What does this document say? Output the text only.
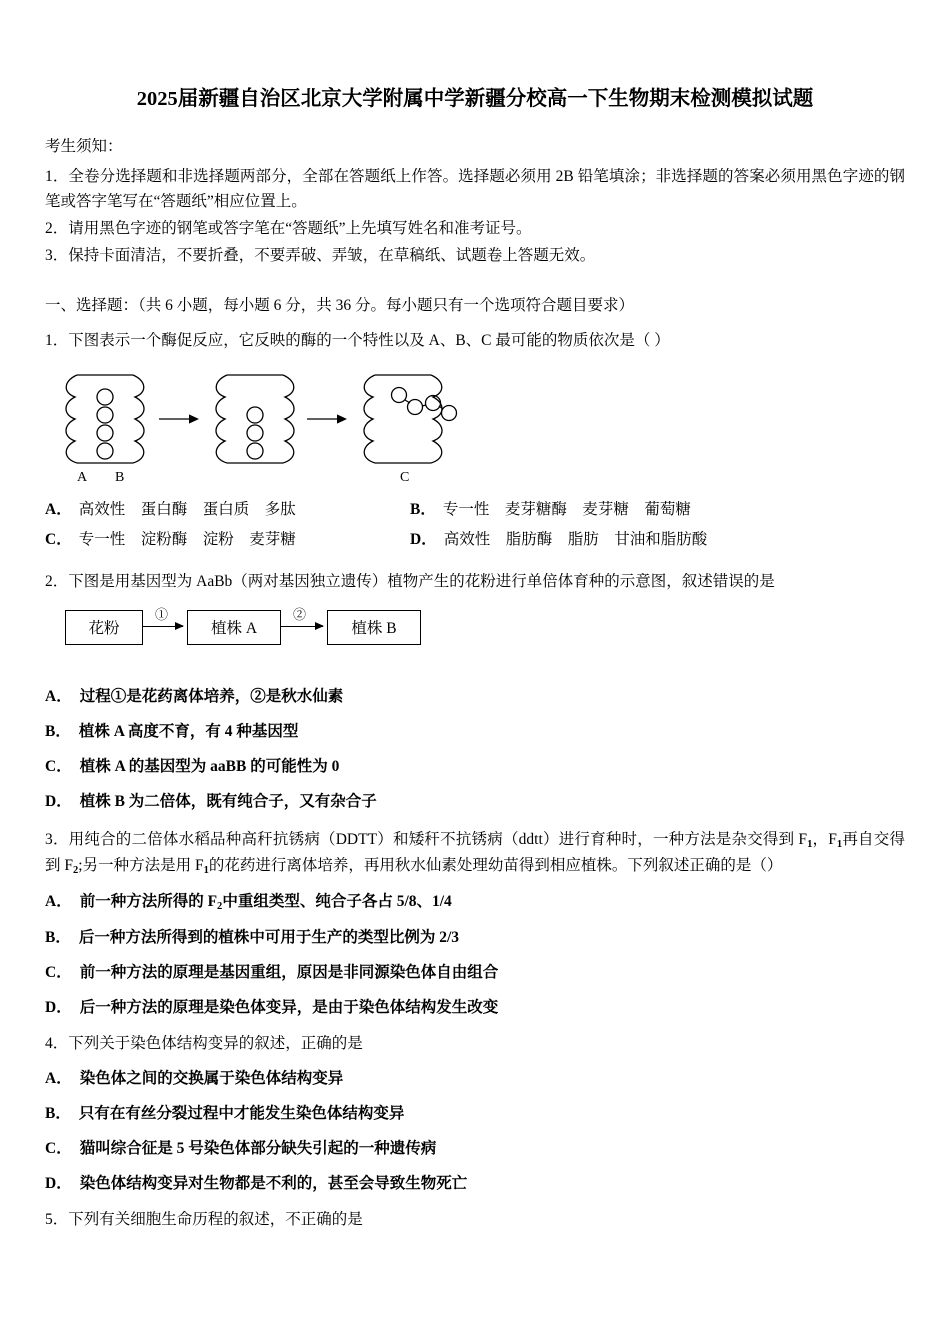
2025届新疆自治区北京大学附属中学新疆分校高一下生物期末检测模拟试题
考生须知：
1．全卷分选择题和非选择题两部分，全部在答题纸上作答。选择题必须用 2B 铅笔填涂；非选择题的答案必须用黑色字迹的钢笔或答字笔写在“答题纸”相应位置上。
2．请用黑色字迹的钢笔或答字笔在“答题纸”上先填写姓名和准考证号。
3．保持卡面清洁，不要折叠，不要弄破、弄皱，在草稿纸、试题卷上答题无效。
一、选择题：（共 6 小题，每小题 6 分，共 36 分。每小题只有一个选项符合题目要求）
1．下图表示一个酶促反应，它反映的酶的一个特性以及 A、B、C 最可能的物质依次是（ ）
A B	C
A． 高效性　蛋白酶　蛋白质　多肽	B． 专一性　麦芽糖酶　麦芽糖　葡萄糖
C． 专一性　淀粉酶　淀粉　麦芽糖	D． 高效性　脂肪酶　脂肪　甘油和脂肪酸
2．下图是用基因型为 AaBb（两对基因独立遗传）植物产生的花粉进行单倍体育种的示意图，叙述错误的是
花粉
①
植株 A
②
植株 B
A． 过程①是花药离体培养，②是秋水仙素
B． 植株 A 高度不育，有 4 种基因型
C． 植株 A 的基因型为 aaBB 的可能性为 0
D． 植株 B 为二倍体，既有纯合子，又有杂合子
3．用纯合的二倍体水稻品种高秆抗锈病（DDTT）和矮秆不抗锈病（ddtt）进行育种时，一种方法是杂交得到 $F_1$，$F_1$再自交得到 $F_2$;另一种方法是用 $F_1$的花药进行离体培养，再用秋水仙素处理幼苗得到相应植株。下列叙述正确的是（）
A． 前一种方法所得的 $F_2$中重组类型、纯合子各占 5/8、1/4
B． 后一种方法所得到的植株中可用于生产的类型比例为 2/3
C． 前一种方法的原理是基因重组，原因是非同源染色体自由组合
D． 后一种方法的原理是染色体变异，是由于染色体结构发生改变
4．下列关于染色体结构变异的叙述，正确的是
A． 染色体之间的交换属于染色体结构变异
B． 只有在有丝分裂过程中才能发生染色体结构变异
C． 猫叫综合征是 5 号染色体部分缺失引起的一种遗传病
D． 染色体结构变异对生物都是不利的，甚至会导致生物死亡
5．下列有关细胞生命历程的叙述，不正确的是
